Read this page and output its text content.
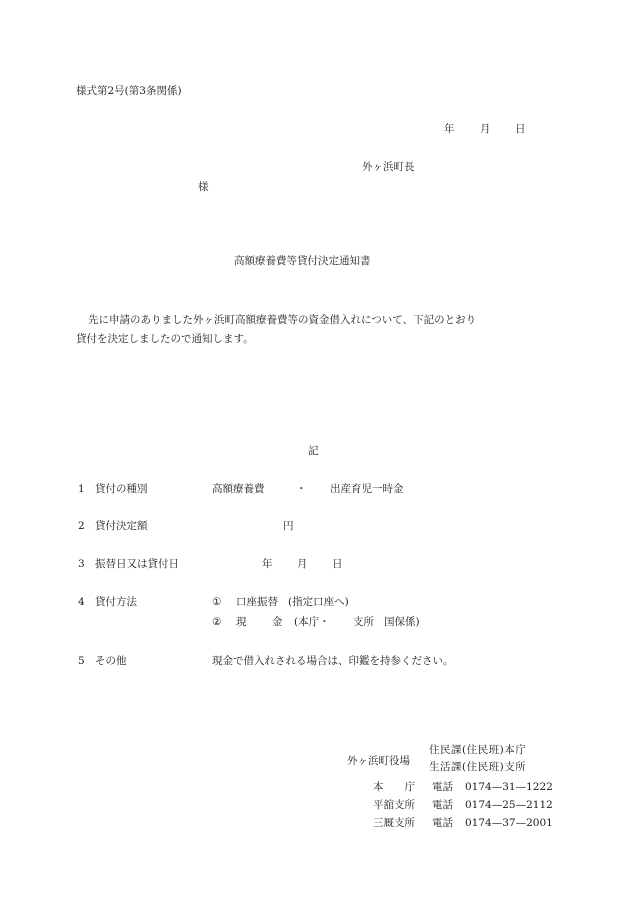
様式第2号(第3条関係)
年 月 日
外ヶ浜町長
様
高額療養費等貸付決定通知書
先に申請のありました外ヶ浜町高額療養費等の資金借入れについて、下記のとおり
貸付を決定しましたので通知します。
記
1 貸付の種別	高額療養費	・ 出産育児一時金
2 貸付決定額	円
3 振替日又は貸付日	年 月 日
4 貸付方法	① 口座振替 (指定口座へ)
② 現 金 (本庁・ 支所 国保係)
5 その他	現金で借入れされる場合は、印鑑を持参ください。
外ヶ浜町役場
住民課(住民班)本庁
生活課(住民班)支所
本　　庁 電話 0174—31—1222
平舘支所 電話 0174—25—2112
三厩支所 電話 0174—37—2001
